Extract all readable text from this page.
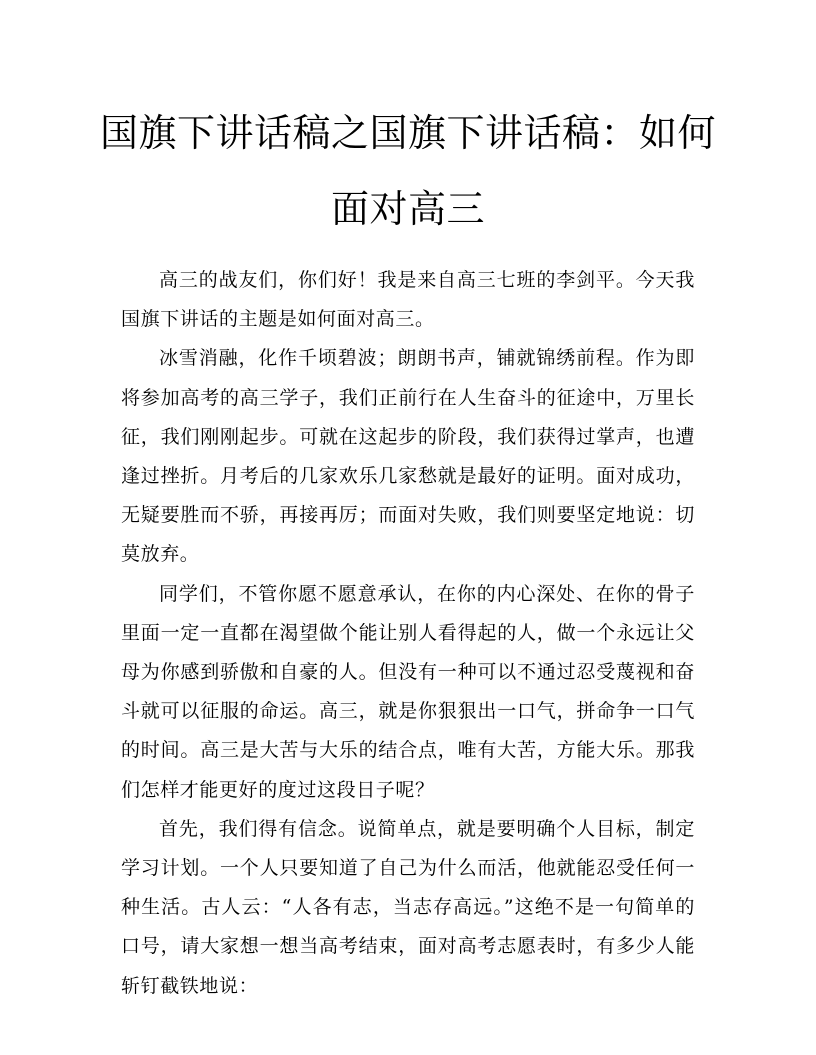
国旗下讲话稿之国旗下讲话稿：如何面对高三

高三的战友们，你们好！我是来自高三七班的李剑平。今天我国旗下讲话的主题是如何面对高三。

冰雪消融，化作千顷碧波；朗朗书声，铺就锦绣前程。作为即将参加高考的高三学子，我们正前行在人生奋斗的征途中，万里长征，我们刚刚起步。可就在这起步的阶段，我们获得过掌声，也遭逢过挫折。月考后的几家欢乐几家愁就是最好的证明。面对成功，无疑要胜而不骄，再接再厉；而面对失败，我们则要坚定地说：切莫放弃。

同学们，不管你愿不愿意承认，在你的内心深处、在你的骨子里面一定一直都在渴望做个能让别人看得起的人，做一个永远让父母为你感到骄傲和自豪的人。但没有一种可以不通过忍受蔑视和奋斗就可以征服的命运。高三，就是你狠狠出一口气，拼命争一口气的时间。高三是大苦与大乐的结合点，唯有大苦，方能大乐。那我们怎样才能更好的度过这段日子呢？

首先，我们得有信念。说简单点，就是要明确个人目标，制定学习计划。一个人只要知道了自己为什么而活，他就能忍受任何一种生活。古人云：“人各有志，当志存高远。”这绝不是一句简单的口号，请大家想一想当高考结束，面对高考志愿表时，有多少人能斩钉截铁地说：
